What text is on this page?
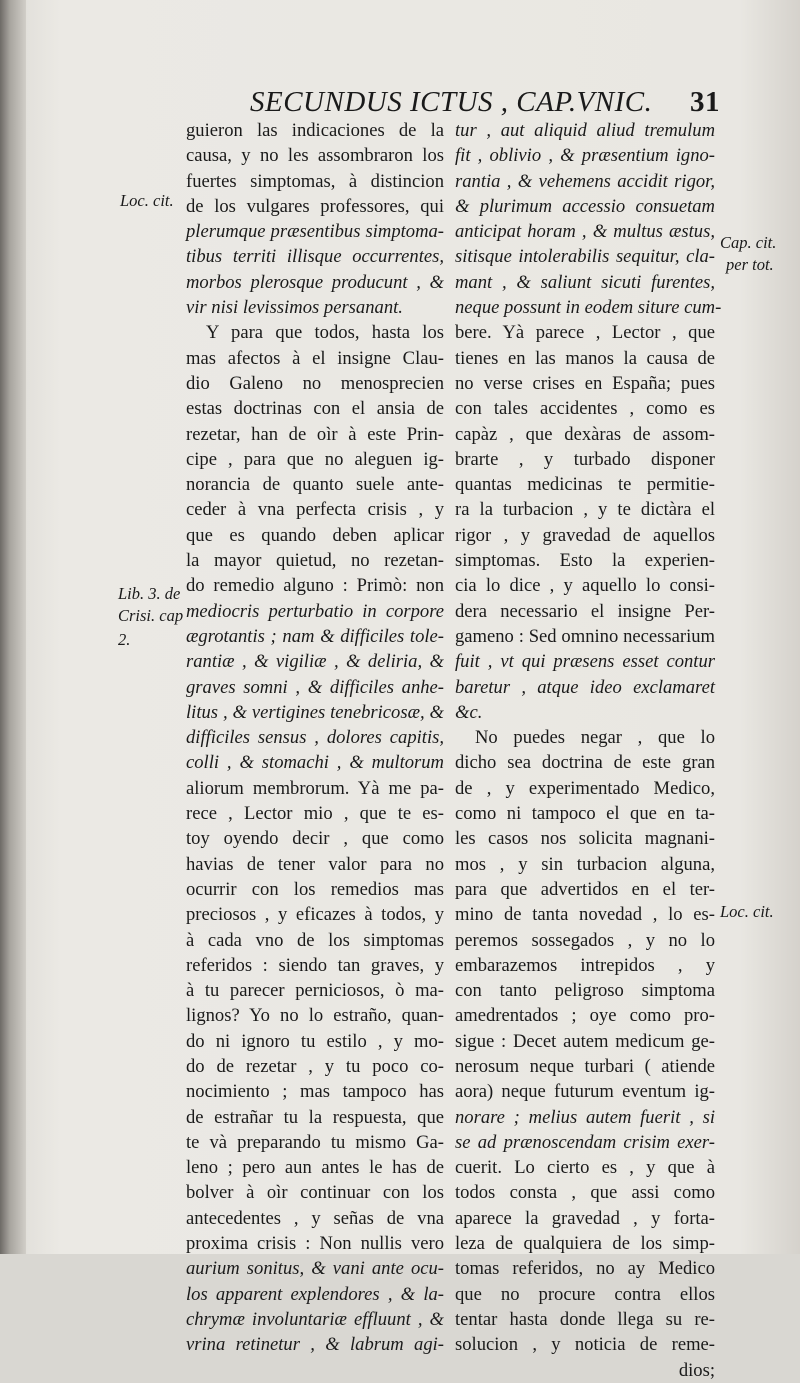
SECUNDUS ICTUS , CAP.VNIC. 31
guieron las indicaciones de la
causa, y no les assombraron los
fuertes simptomas, à distincion
de los vulgares professores, qui
plerumque præsentibus simptoma-
tibus territi illisque occurrentes,
morbos plerosque producunt , &
vir nisi levissimos persanant.
Y para que todos, hasta los
mas afectos à el insigne Clau-
dio Galeno no menosprecien
estas doctrinas con el ansia de
rezetar, han de oìr à este Prin-
cipe , para que no aleguen ig-
norancia de quanto suele ante-
ceder à vna perfecta crisis , y
que es quando deben aplicar
la mayor quietud, no rezetan-
do remedio alguno : Primò: non
mediocris perturbatio in corpore
ægrotantis ; nam & difficiles tole-
rantiæ , & vigiliæ , & deliria, &
graves somni , & difficiles anhe-
litus , & vertigines tenebricosæ, &
difficiles sensus , dolores capitis,
colli , & stomachi , & multorum
aliorum membrorum. Yà me pa-
rece , Lector mio , que te es-
toy oyendo decir , que como
havias de tener valor para no
ocurrir con los remedios mas
preciosos , y eficazes à todos, y
à cada vno de los simptomas
referidos : siendo tan graves, y
à tu parecer perniciosos, ò ma-
lignos? Yo no lo estraño, quan-
do ni ignoro tu estilo , y mo-
do de rezetar , y tu poco co-
nocimiento ; mas tampoco has
de estrañar tu la respuesta, que
te và preparando tu mismo Ga-
leno ; pero aun antes le has de
bolver à oìr continuar con los
antecedentes , y señas de vna
proxima crisis : Non nullis vero
aurium sonitus, & vani ante ocu-
los apparent explendores , & la-
chrymæ involuntariæ effluunt , &
vrina retinetur , & labrum agi-
tur , aut aliquid aliud tremulum
fit , oblivio , & præsentium igno-
rantia , & vehemens accidit rigor,
& plurimum accessio consuetam
anticipat horam , & multus æstus,
sitisque intolerabilis sequitur, cla-
mant , & saliunt sicuti furentes,
neque possunt in eodem siture cum-
bere. Yà parece , Lector , que
tienes en las manos la causa de
no verse crises en España; pues
con tales accidentes , como es
capàz , que dexàras de assom-
brarte , y turbado disponer
quantas medicinas te permitie-
ra la turbacion , y te dictàra el
rigor , y gravedad de aquellos
simptomas. Esto la experien-
cia lo dice , y aquello lo consi-
dera necessario el insigne Per-
gameno : Sed omnino necessarium
fuit , vt qui præsens esset contur
baretur , atque ideo exclamaret
&c.
No puedes negar , que lo
dicho sea doctrina de este gran
de , y experimentado Medico,
como ni tampoco el que en ta-
les casos nos solicita magnani-
mos , y sin turbacion alguna,
para que advertidos en el ter-
mino de tanta novedad , lo es-
peremos sossegados , y no lo
embarazemos intrepidos , y
con tanto peligroso simptoma
amedrentados ; oye como pro-
sigue : Decet autem medicum ge-
nerosum neque turbari ( atiende
aora) neque futurum eventum ig-
norare ; melius autem fuerit , si
se ad prænoscendam crisim exer-
cuerit. Lo cierto es , y que à
todos consta , que assi como
aparece la gravedad , y forta-
leza de qualquiera de los simp-
tomas referidos, no ay Medico
que no procure contra ellos
tentar hasta donde llega su re-
solucion , y noticia de reme-
dios;
Loc. cit.
Lib. 3. de
Crisi. cap
2.
Cap. cit.
per tot.
Loc. cit.
